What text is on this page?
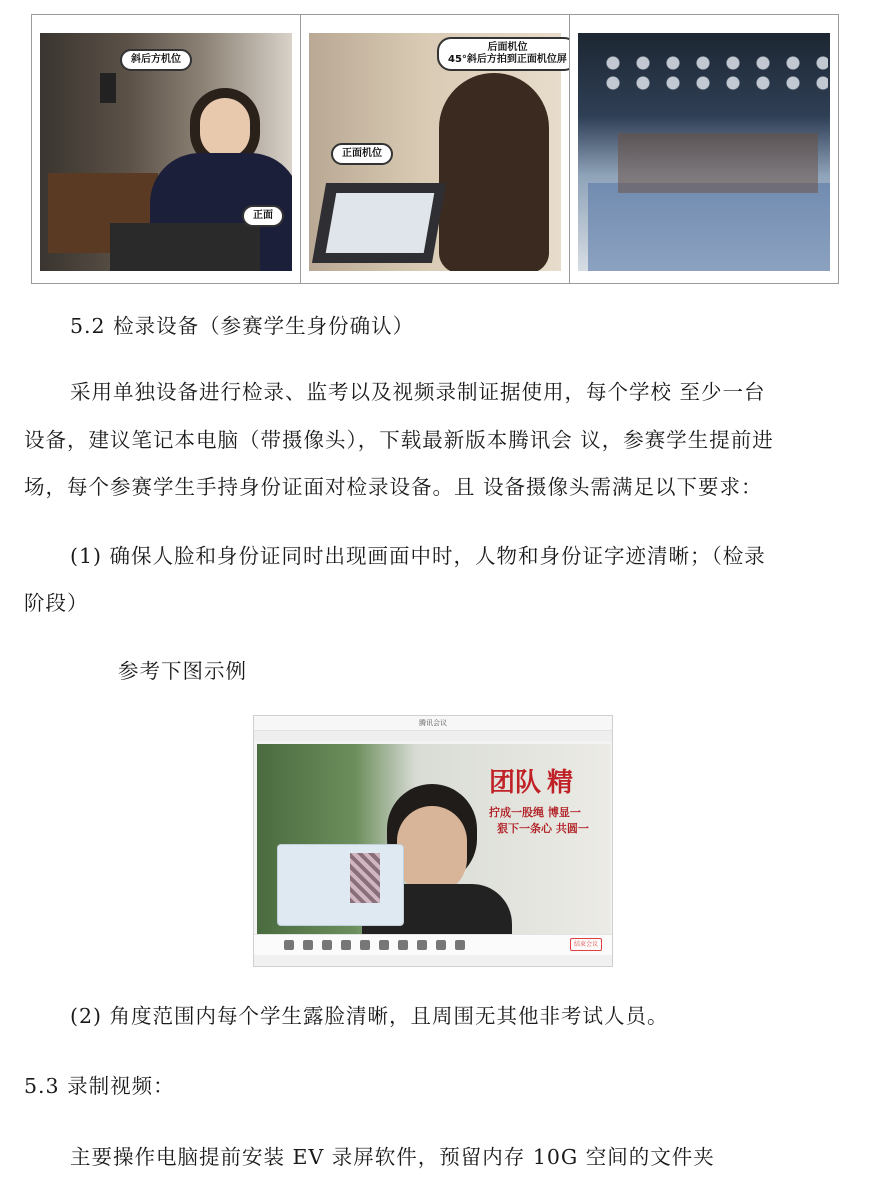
斜后方机位
正面
后面机位
45°斜后方拍到正面机位屏
正面机位
5.2 检录设备（参赛学生身份确认）
采用单独设备进行检录、监考以及视频录制证据使用，每个学校 至少一台
设备，建议笔记本电脑（带摄像头），下载最新版本腾讯会 议，参赛学生提前进
场，每个参赛学生手持身份证面对检录设备。且 设备摄像头需满足以下要求：
(1) 确保人脸和身份证同时出现画面中时，人物和身份证字迹清晰；（检录
阶段）
参考下图示例
腾讯会议
团队 精
拧成一股绳 博显一
狠下一条心 共圆一
结束会议
(2) 角度范围内每个学生露脸清晰，且周围无其他非考试人员。
5.3 录制视频：
主要操作电脑提前安装 EV 录屏软件，预留内存 10G 空间的文件夹
